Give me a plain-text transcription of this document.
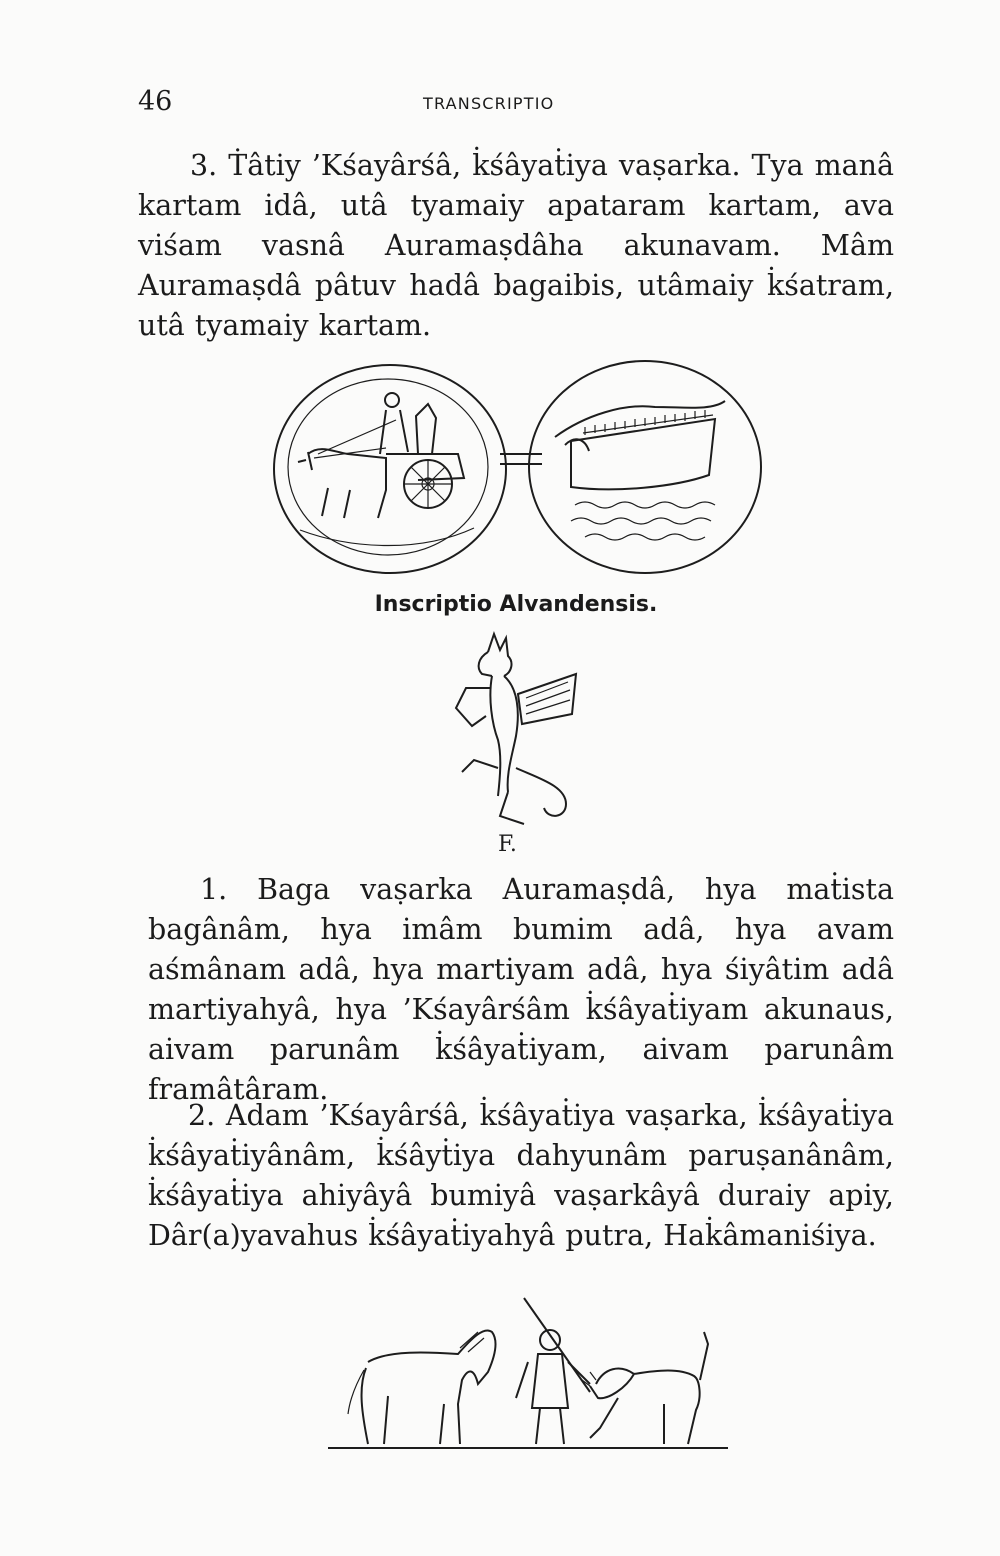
46	TRANSCRIPTIO

3. Ṫâtiy ’Kśayârśâ, k̇śâyaṫiya vaṣarka. Tya manâ kartam idâ, utâ tyamaiy apataram kartam, ava viśam vasnâ Auramaṣdâha akunavam. Mâm Auramaṣdâ pâtuv hadâ bagaibis, utâmaiy k̇śatram, utâ tyamaiy kartam.

Inscriptio Alvandensis.
F.

1. Baga vaṣarka Auramaṣdâ, hya maṫista bagânâm, hya imâm bumim adâ, hya avam aśmânam adâ, hya martiyam adâ, hya śiyâtim adâ martiyahyâ, hya ’Kśayârśâm k̇śâyaṫiyam akunaus, aivam parunâm k̇śâyaṫiyam, aivam parunâm framâtâram.

2. Adam ’Kśayârśâ, k̇śâyaṫiya vaṣarka, k̇śâyaṫiya k̇śâyaṫiyânâm, k̇śâyṫiya dahyunâm paruṣanânâm, k̇śâyaṫiya ahiyâyâ bumiyâ vaṣarkâyâ duraiy apiy, Dâr(a)yavahus k̇śâyaṫiyahyâ putra, Hak̇âmaniśiya.
